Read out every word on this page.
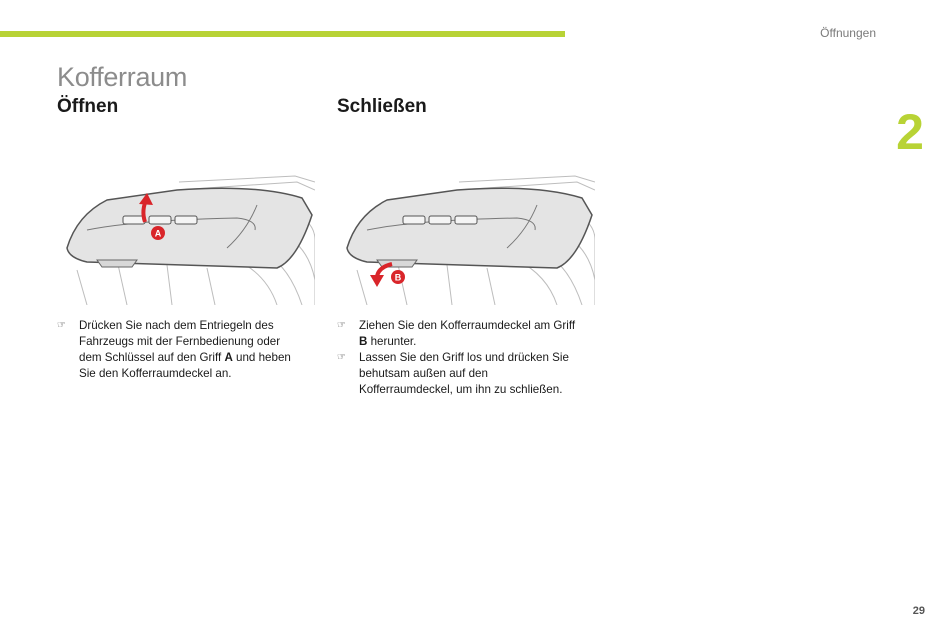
Öffnungen
2
Kofferraum
Öffnen	Schließen
A
B
☞ Drücken Sie nach dem Entriegeln des Fahrzeugs mit der Fernbedienung oder dem Schlüssel auf den Griff A und heben Sie den Kofferraumdeckel an.
☞ Ziehen Sie den Kofferraumdeckel am Griff B herunter.
☞ Lassen Sie den Griff los und drücken Sie behutsam außen auf den Kofferraumdeckel, um ihn zu schließen.
29
